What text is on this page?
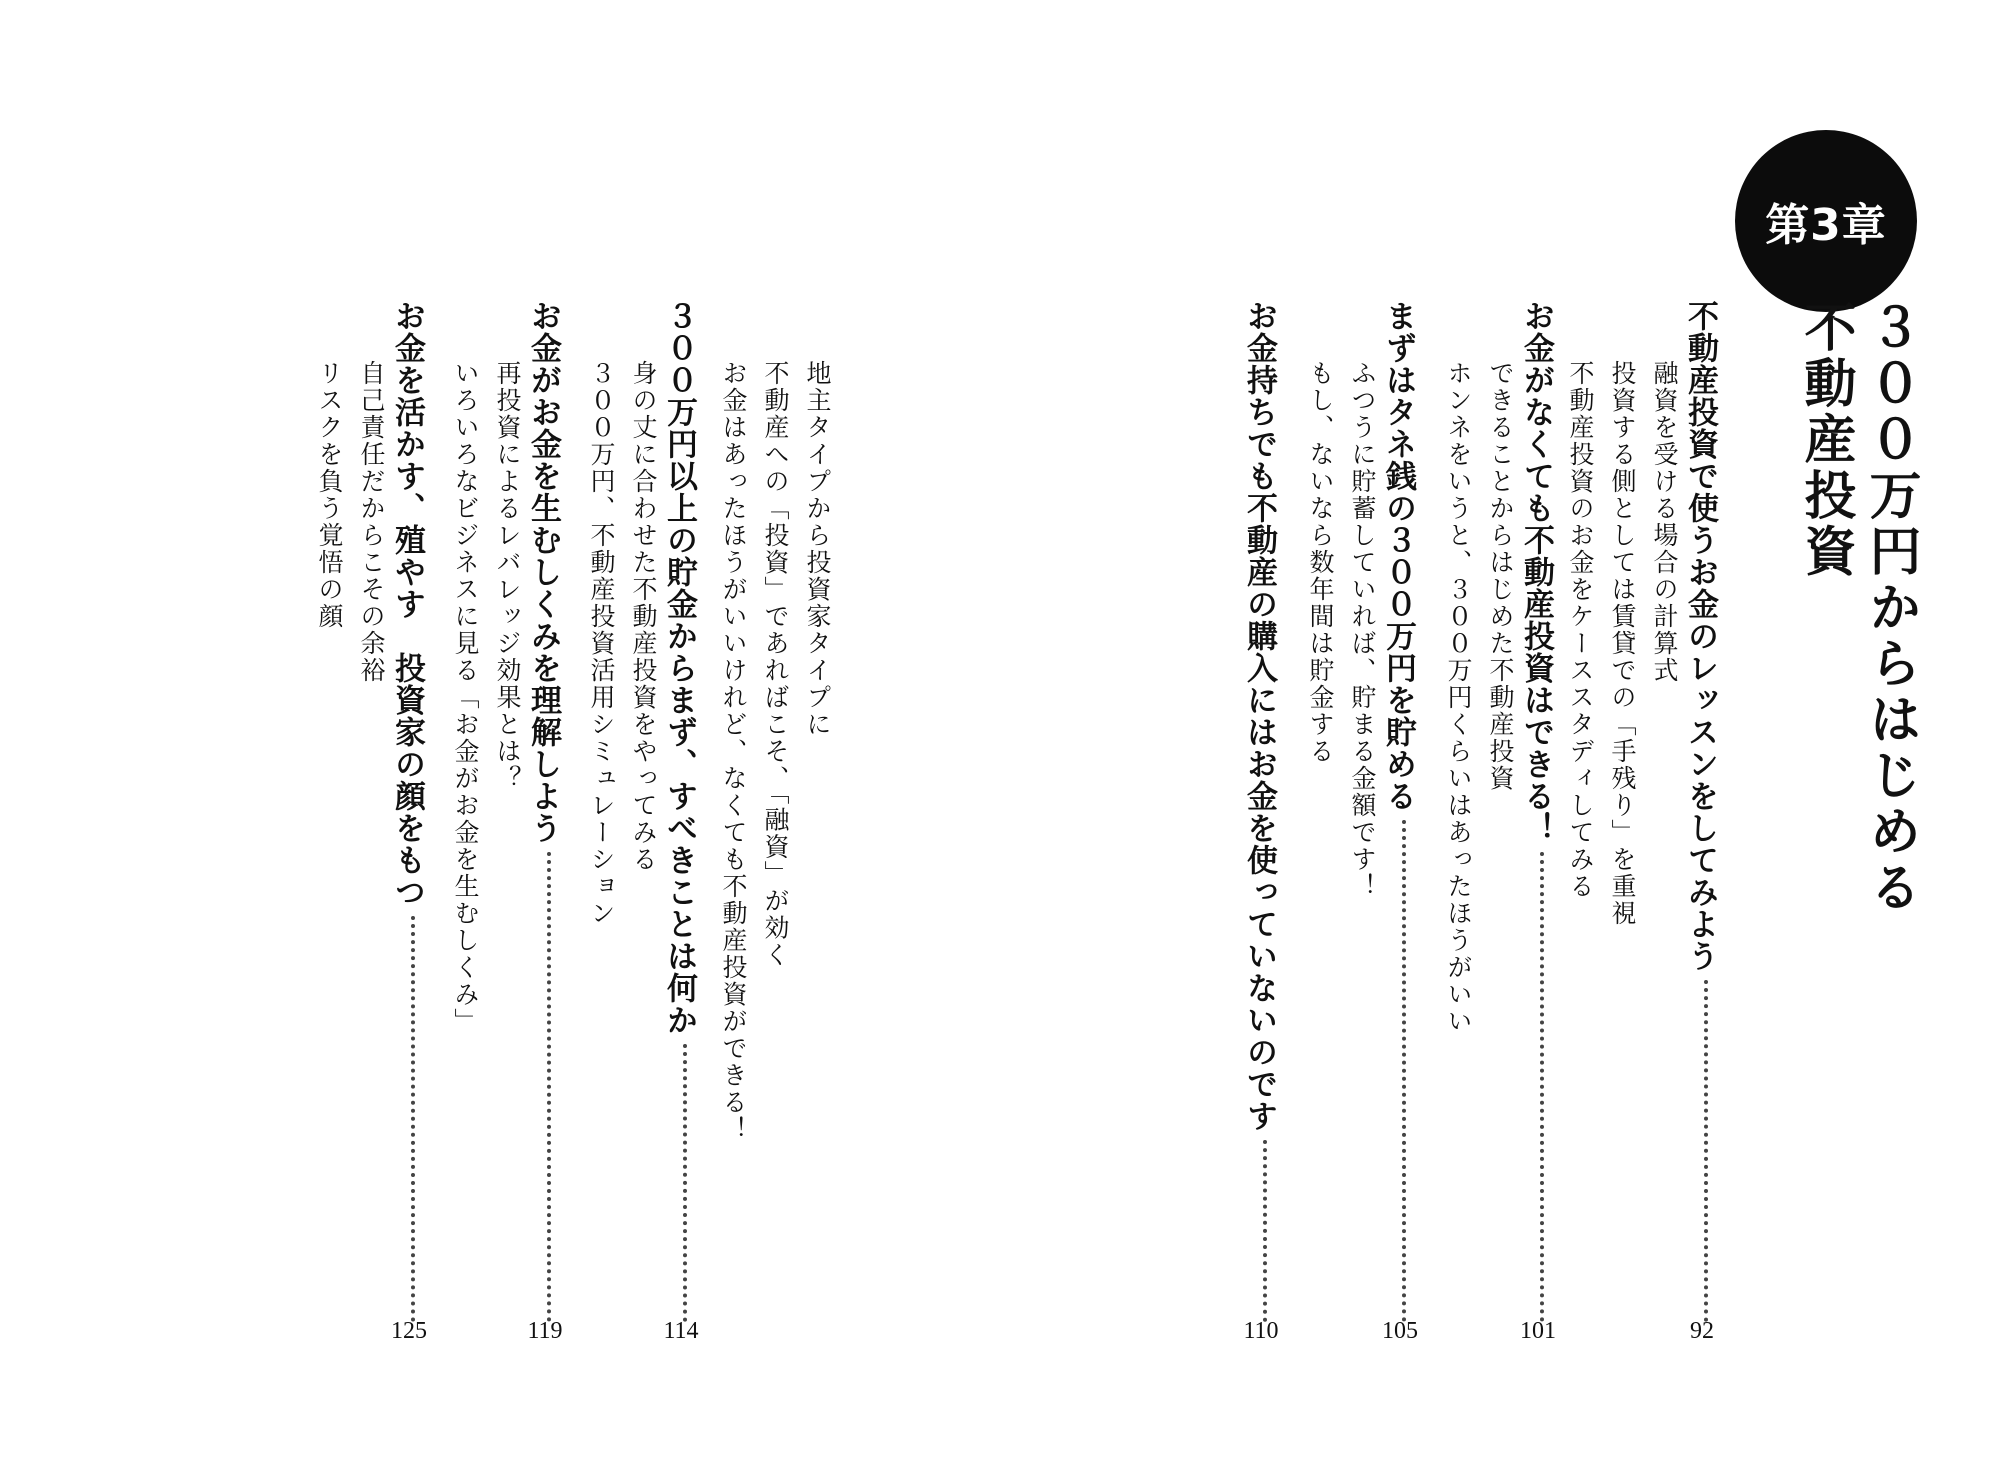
第3章
３００万円からはじめる
不動産投資
不動産投資で使うお金のレッスンをしてみよう
融資を受ける場合の計算式
投資する側としては賃貸での「手残り」を重視
不動産投資のお金をケーススタディしてみる
92
お金がなくても不動産投資はできる！
できることからはじめた不動産投資
ホンネをいうと、３００万円くらいはあったほうがいい
101
まずはタネ銭の３００万円を貯める
ふつうに貯蓄していれば、貯まる金額です！
もし、ないなら数年間は貯金する
105
お金持ちでも不動産の購入にはお金を使っていないのです
110
地主タイプから投資家タイプに
不動産への「投資」であればこそ、「融資」が効く
お金はあったほうがいいけれど、なくても不動産投資ができる！
３００万円以上の貯金からまず、すべきことは何か
身の丈に合わせた不動産投資をやってみる
３００万円、不動産投資活用シミュレーション
114
お金がお金を生むしくみを理解しよう
再投資によるレバレッジ効果とは？
いろいろなビジネスに見る「お金がお金を生むしくみ」
119
お金を活かす、殖やす　投資家の顔をもつ
自己責任だからこその余裕
リスクを負う覚悟の顔
125
